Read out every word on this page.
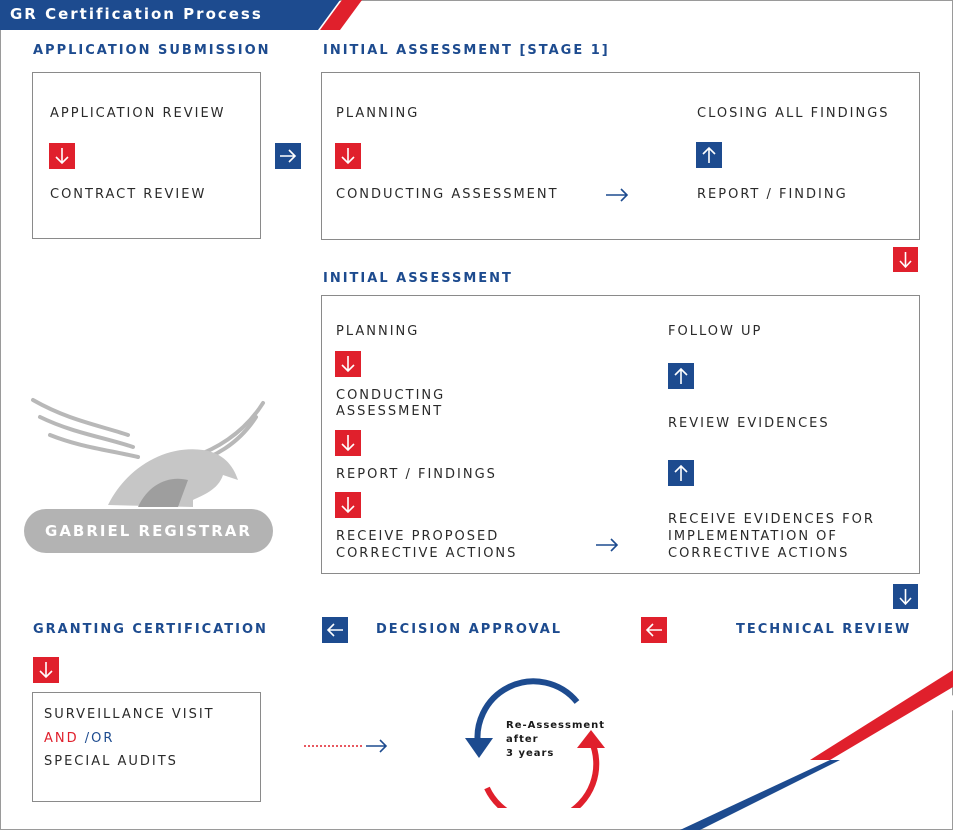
GR Certification Process
APPLICATION SUBMISSION	INITIAL ASSESSMENT [STAGE 1]
APPLICATION REVIEW
CONTRACT REVIEW
PLANNING
CONDUCTING ASSESSMENT
CLOSING ALL FINDINGS
REPORT / FINDING
INITIAL ASSESSMENT
PLANNING
CONDUCTING
ASSESSMENT
REPORT / FINDINGS
RECEIVE PROPOSED
CORRECTIVE ACTIONS
FOLLOW UP
REVIEW EVIDENCES
RECEIVE EVIDENCES FOR
IMPLEMENTATION OF
CORRECTIVE ACTIONS
GABRIEL REGISTRAR
GRANTING CERTIFICATION	DECISION APPROVAL	TECHNICAL REVIEW
SURVEILLANCE VISIT
AND /OR
SPECIAL AUDITS
Re-Assessment
after
3 years
